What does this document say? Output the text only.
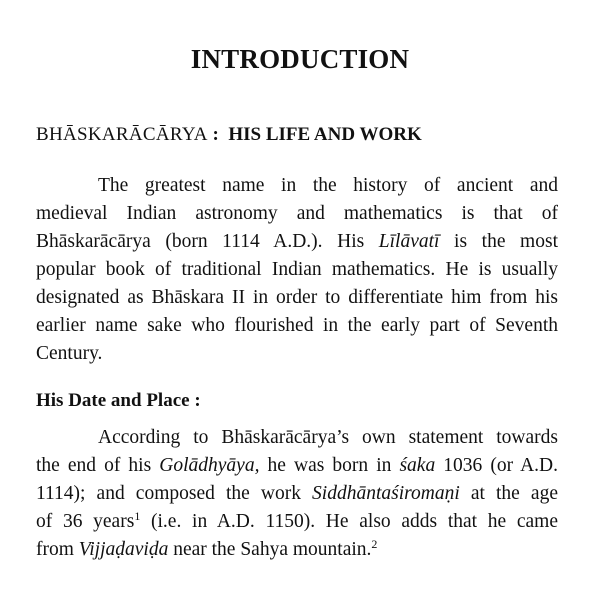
INTRODUCTION
BHĀSKARĀCĀRYA : HIS LIFE AND WORK
The greatest name in the history of ancient and
medieval Indian astronomy and mathematics is that of
Bhāskarācārya (born 1114 A.D.). His Līlāvatī is the most
popular book of traditional Indian mathematics. He is usually
designated as Bhāskara II in order to differentiate him from his
earlier name sake who flourished in the early part of Seventh
Century.
His Date and Place :
According to Bhāskarācārya’s own statement towards
the end of his Golādhyāya, he was born in śaka 1036 (or A.D.
1114); and composed the work Siddhāntaśiromaṇi at the age
of 36 years$^1$ (i.e. in A.D. 1150). He also adds that he came
from Vijjaḍaviḍa near the Sahya mountain.$^2$
